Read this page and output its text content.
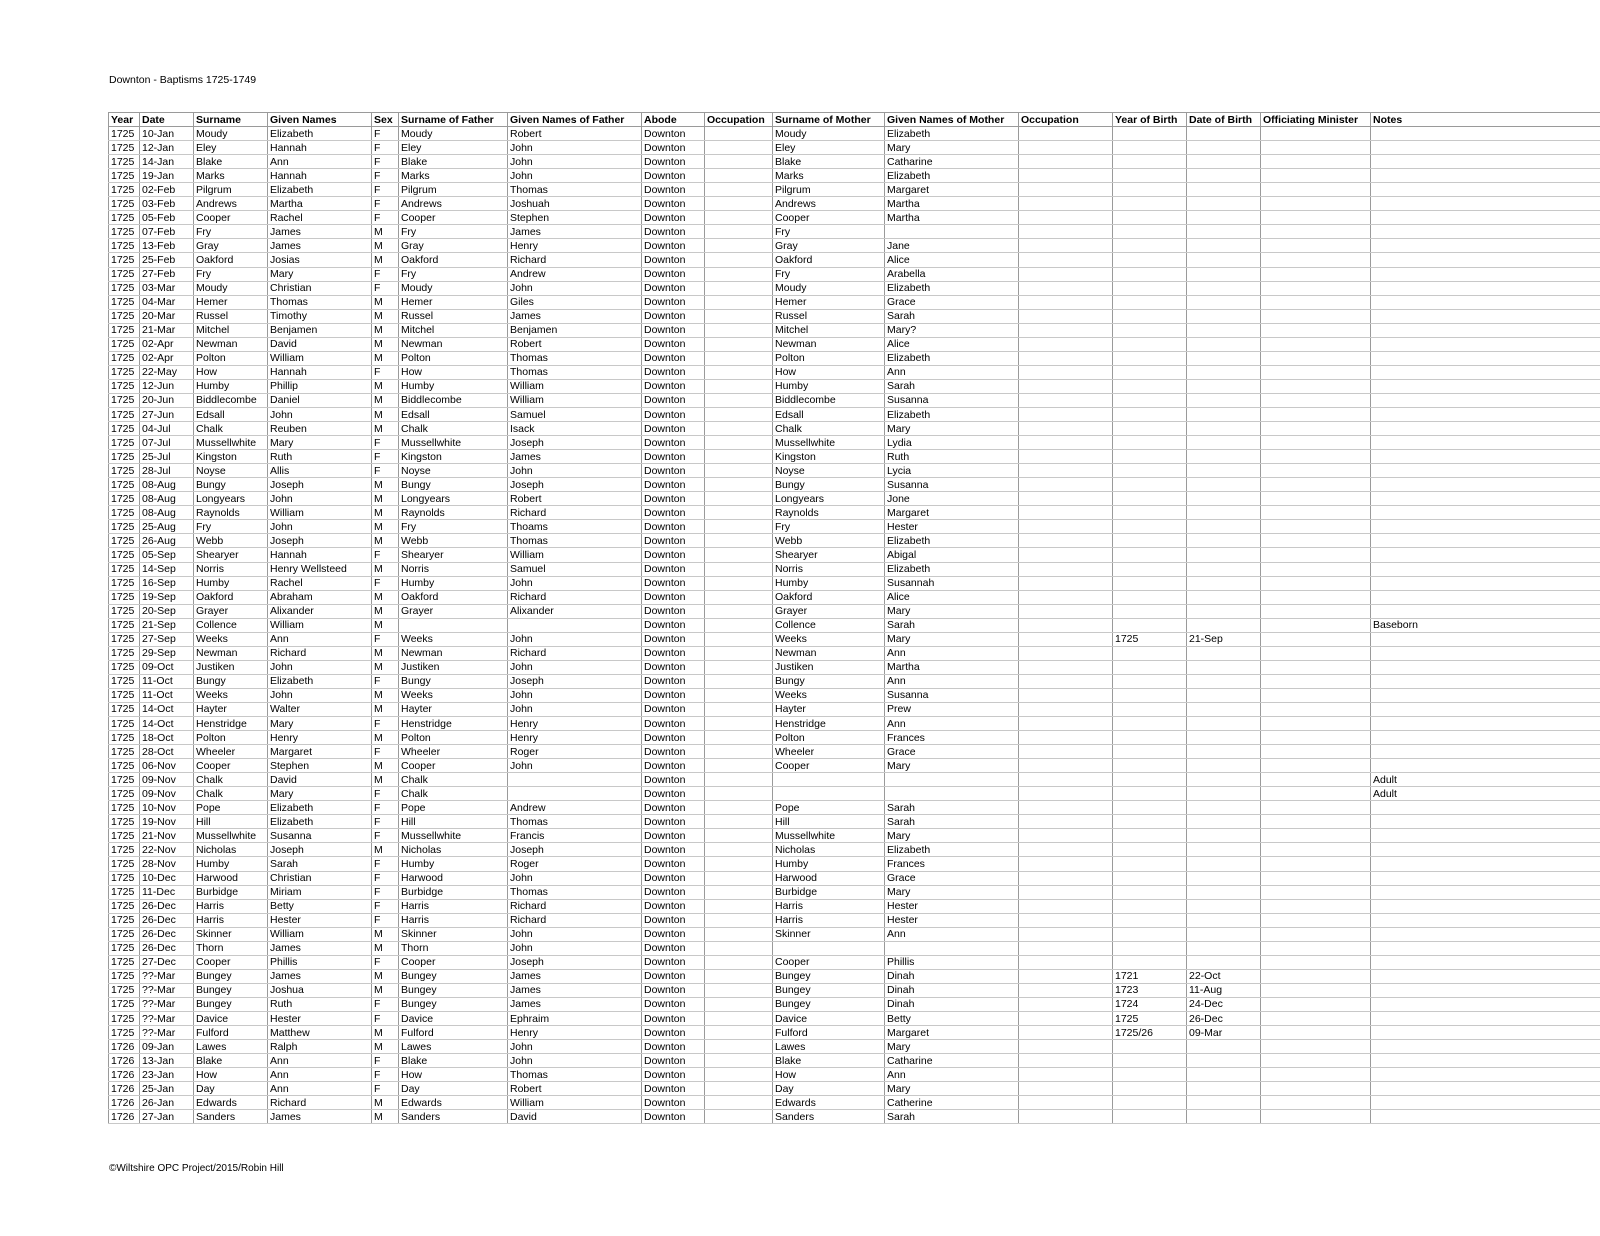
Downton - Baptisms 1725-1749
Year	Date	Surname	Given Names	Sex	Surname of Father	Given Names of Father	Abode	Occupation	Surname of Mother	Given Names of Mother	Occupation	Year of Birth	Date of Birth	Officiating Minister	Notes
1725	10-Jan	Moudy	Elizabeth	F	Moudy	Robert	Downton		Moudy	Elizabeth					
1725	12-Jan	Eley	Hannah	F	Eley	John	Downton		Eley	Mary					
1725	14-Jan	Blake	Ann	F	Blake	John	Downton		Blake	Catharine					
1725	19-Jan	Marks	Hannah	F	Marks	John	Downton		Marks	Elizabeth					
1725	02-Feb	Pilgrum	Elizabeth	F	Pilgrum	Thomas	Downton		Pilgrum	Margaret					
1725	03-Feb	Andrews	Martha	F	Andrews	Joshuah	Downton		Andrews	Martha					
1725	05-Feb	Cooper	Rachel	F	Cooper	Stephen	Downton		Cooper	Martha					
1725	07-Feb	Fry	James	M	Fry	James	Downton		Fry						
1725	13-Feb	Gray	James	M	Gray	Henry	Downton		Gray	Jane					
1725	25-Feb	Oakford	Josias	M	Oakford	Richard	Downton		Oakford	Alice					
1725	27-Feb	Fry	Mary	F	Fry	Andrew	Downton		Fry	Arabella					
1725	03-Mar	Moudy	Christian	F	Moudy	John	Downton		Moudy	Elizabeth					
1725	04-Mar	Hemer	Thomas	M	Hemer	Giles	Downton		Hemer	Grace					
1725	20-Mar	Russel	Timothy	M	Russel	James	Downton		Russel	Sarah					
1725	21-Mar	Mitchel	Benjamen	M	Mitchel	Benjamen	Downton		Mitchel	Mary?					
1725	02-Apr	Newman	David	M	Newman	Robert	Downton		Newman	Alice					
1725	02-Apr	Polton	William	M	Polton	Thomas	Downton		Polton	Elizabeth					
1725	22-May	How	Hannah	F	How	Thomas	Downton		How	Ann					
1725	12-Jun	Humby	Phillip	M	Humby	William	Downton		Humby	Sarah					
1725	20-Jun	Biddlecombe	Daniel	M	Biddlecombe	William	Downton		Biddlecombe	Susanna					
1725	27-Jun	Edsall	John	M	Edsall	Samuel	Downton		Edsall	Elizabeth					
1725	04-Jul	Chalk	Reuben	M	Chalk	Isack	Downton		Chalk	Mary					
1725	07-Jul	Mussellwhite	Mary	F	Mussellwhite	Joseph	Downton		Mussellwhite	Lydia					
1725	25-Jul	Kingston	Ruth	F	Kingston	James	Downton		Kingston	Ruth					
1725	28-Jul	Noyse	Allis	F	Noyse	John	Downton		Noyse	Lycia					
1725	08-Aug	Bungy	Joseph	M	Bungy	Joseph	Downton		Bungy	Susanna					
1725	08-Aug	Longyears	John	M	Longyears	Robert	Downton		Longyears	Jone					
1725	08-Aug	Raynolds	William	M	Raynolds	Richard	Downton		Raynolds	Margaret					
1725	25-Aug	Fry	John	M	Fry	Thoams	Downton		Fry	Hester					
1725	26-Aug	Webb	Joseph	M	Webb	Thomas	Downton		Webb	Elizabeth					
1725	05-Sep	Shearyer	Hannah	F	Shearyer	William	Downton		Shearyer	Abigal					
1725	14-Sep	Norris	Henry Wellsteed	M	Norris	Samuel	Downton		Norris	Elizabeth					
1725	16-Sep	Humby	Rachel	F	Humby	John	Downton		Humby	Susannah					
1725	19-Sep	Oakford	Abraham	M	Oakford	Richard	Downton		Oakford	Alice					
1725	20-Sep	Grayer	Alixander	M	Grayer	Alixander	Downton		Grayer	Mary					
1725	21-Sep	Collence	William	M			Downton		Collence	Sarah					Baseborn
1725	27-Sep	Weeks	Ann	F	Weeks	John	Downton		Weeks	Mary		1725	21-Sep		
1725	29-Sep	Newman	Richard	M	Newman	Richard	Downton		Newman	Ann					
1725	09-Oct	Justiken	John	M	Justiken	John	Downton		Justiken	Martha					
1725	11-Oct	Bungy	Elizabeth	F	Bungy	Joseph	Downton		Bungy	Ann					
1725	11-Oct	Weeks	John	M	Weeks	John	Downton		Weeks	Susanna					
1725	14-Oct	Hayter	Walter	M	Hayter	John	Downton		Hayter	Prew					
1725	14-Oct	Henstridge	Mary	F	Henstridge	Henry	Downton		Henstridge	Ann					
1725	18-Oct	Polton	Henry	M	Polton	Henry	Downton		Polton	Frances					
1725	28-Oct	Wheeler	Margaret	F	Wheeler	Roger	Downton		Wheeler	Grace					
1725	06-Nov	Cooper	Stephen	M	Cooper	John	Downton		Cooper	Mary					
1725	09-Nov	Chalk	David	M	Chalk		Downton								Adult
1725	09-Nov	Chalk	Mary	F	Chalk		Downton								Adult
1725	10-Nov	Pope	Elizabeth	F	Pope	Andrew	Downton		Pope	Sarah					
1725	19-Nov	Hill	Elizabeth	F	Hill	Thomas	Downton		Hill	Sarah					
1725	21-Nov	Mussellwhite	Susanna	F	Mussellwhite	Francis	Downton		Mussellwhite	Mary					
1725	22-Nov	Nicholas	Joseph	M	Nicholas	Joseph	Downton		Nicholas	Elizabeth					
1725	28-Nov	Humby	Sarah	F	Humby	Roger	Downton		Humby	Frances					
1725	10-Dec	Harwood	Christian	F	Harwood	John	Downton		Harwood	Grace					
1725	11-Dec	Burbidge	Miriam	F	Burbidge	Thomas	Downton		Burbidge	Mary					
1725	26-Dec	Harris	Betty	F	Harris	Richard	Downton		Harris	Hester					
1725	26-Dec	Harris	Hester	F	Harris	Richard	Downton		Harris	Hester					
1725	26-Dec	Skinner	William	M	Skinner	John	Downton		Skinner	Ann					
1725	26-Dec	Thorn	James	M	Thorn	John	Downton								
1725	27-Dec	Cooper	Phillis	F	Cooper	Joseph	Downton		Cooper	Phillis					
1725	??-Mar	Bungey	James	M	Bungey	James	Downton		Bungey	Dinah		1721	22-Oct		
1725	??-Mar	Bungey	Joshua	M	Bungey	James	Downton		Bungey	Dinah		1723	11-Aug		
1725	??-Mar	Bungey	Ruth	F	Bungey	James	Downton		Bungey	Dinah		1724	24-Dec		
1725	??-Mar	Davice	Hester	F	Davice	Ephraim	Downton		Davice	Betty		1725	26-Dec		
1725	??-Mar	Fulford	Matthew	M	Fulford	Henry	Downton		Fulford	Margaret		1725/26	09-Mar		
1726	09-Jan	Lawes	Ralph	M	Lawes	John	Downton		Lawes	Mary					
1726	13-Jan	Blake	Ann	F	Blake	John	Downton		Blake	Catharine					
1726	23-Jan	How	Ann	F	How	Thomas	Downton		How	Ann					
1726	25-Jan	Day	Ann	F	Day	Robert	Downton		Day	Mary					
1726	26-Jan	Edwards	Richard	M	Edwards	William	Downton		Edwards	Catherine					
1726	27-Jan	Sanders	James	M	Sanders	David	Downton		Sanders	Sarah					
©Wiltshire OPC Project/2015/Robin Hill
